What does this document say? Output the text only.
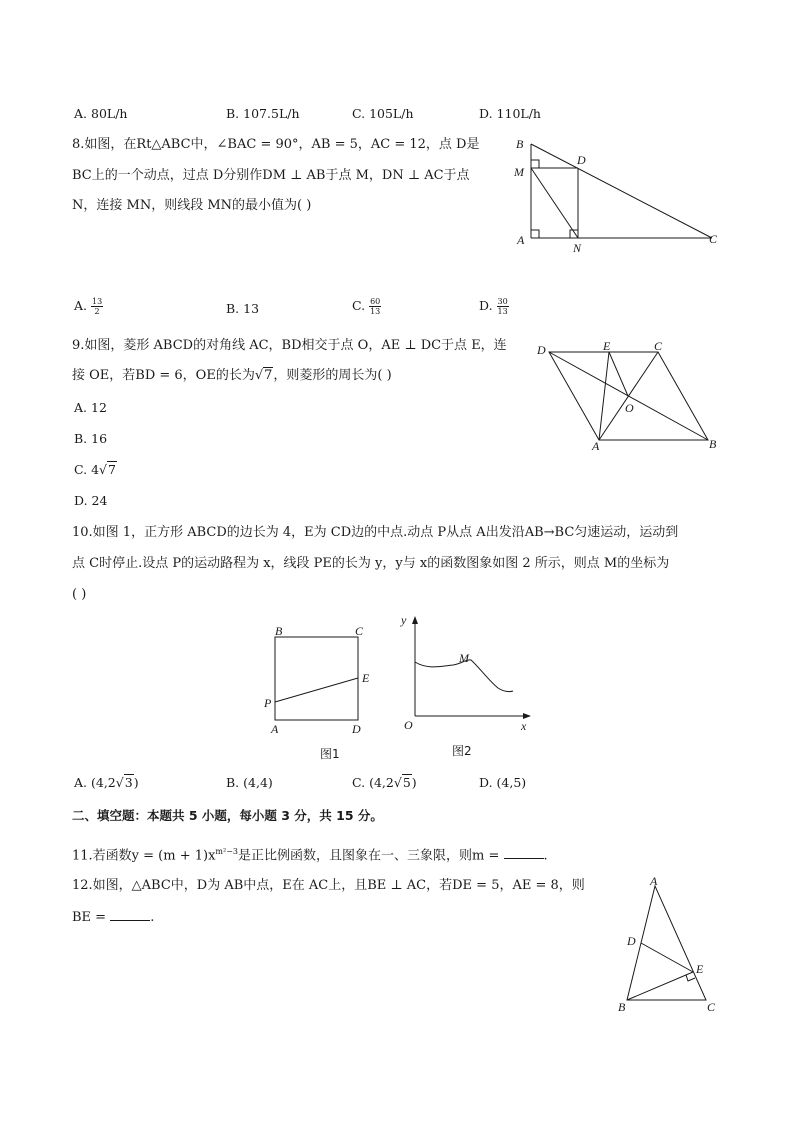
A. 80L/h	B. 107.5L/h	C. 105L/h	D. 110L/h
8.如图，在Rt△ABC中，∠BAC = 90°，AB = 5，AC = 12，点 D是
BC上的一个动点，过点 D分别作DM ⊥ AB于点 M，DN ⊥ AC于点
N，连接 MN，则线段 MN的最小值为( )
B
D
M
A
N
C
A. $\frac{13}{2}$	B. 13	C. $\frac{60}{13}$	D. $\frac{30}{13}$
9.如图，菱形 ABCD的对角线 AC，BD相交于点 O，AE ⊥ DC于点 E，连
接 OE，若BD = 6，OE的长为√7，则菱形的周长为( )
A. 12
B. 16
C. 4√7
D. 24
D	E	C
O
A	B
10.如图 1，正方形 ABCD的边长为 4，E为 CD边的中点.动点 P从点 A出发沿AB→BC匀速运动，运动到
点 C时停止.设点 P的运动路程为 x，线段 PE的长为 y，y与 x的函数图象如图 2 所示，则点 M的坐标为
( )
B	C
E
P
A	D
图1
y
M
O	x
图2
A. (4,2√3)	B. (4,4)	C. (4,2√5)	D. (4,5)
二、填空题：本题共 5 小题，每小题 3 分，共 15 分。
11.若函数$y = (m + 1)x^{m^2-3}$是正比例函数，且图象在一、三象限，则m =	.
12.如图，△ABC中，D为 AB中点，E在 AC上，且BE ⊥ AC，若DE = 5，AE = 8，则
BE =	.
A
D
E
B	C
